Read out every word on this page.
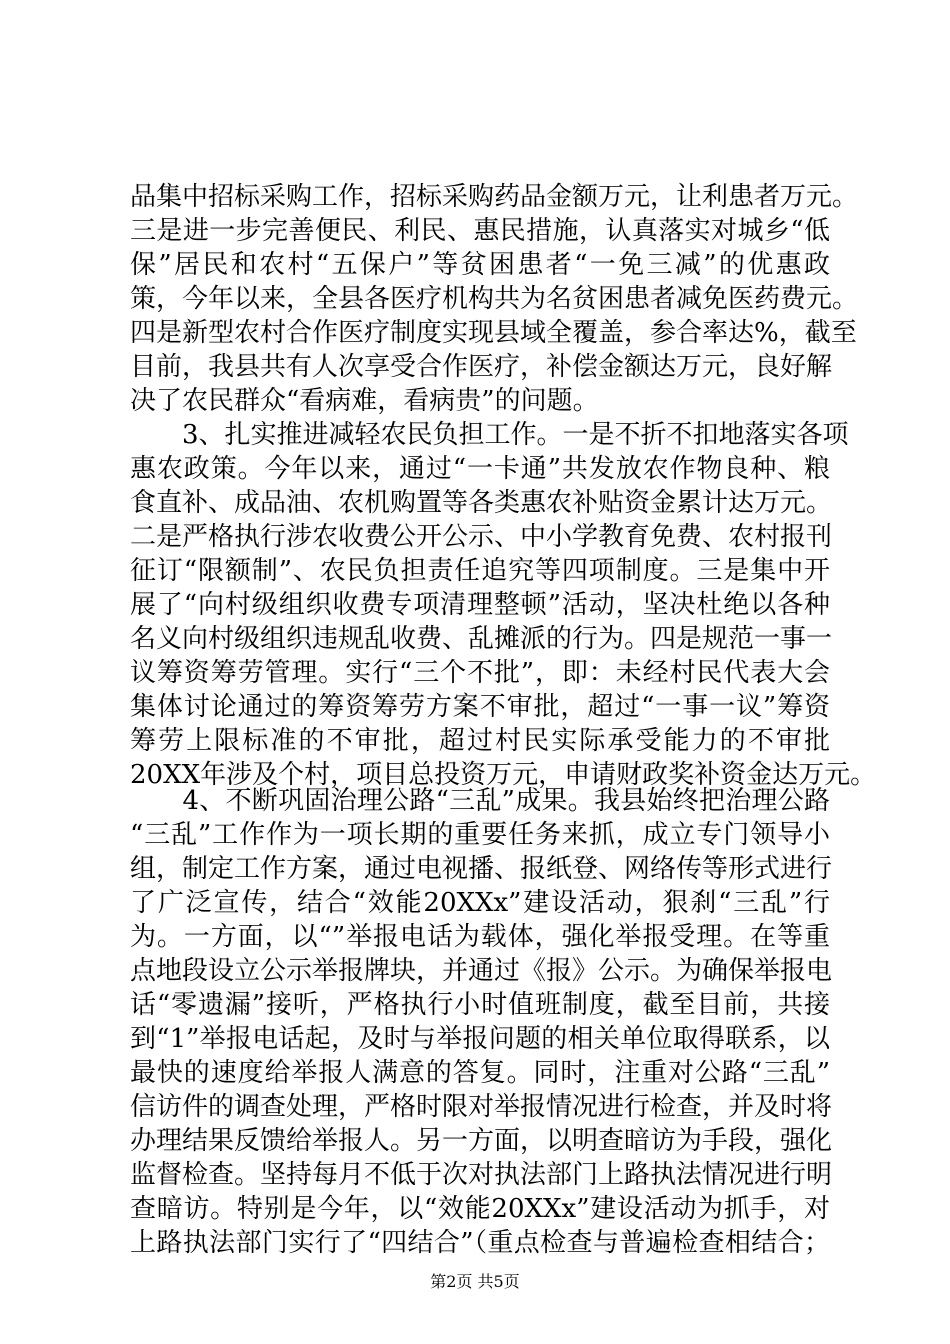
品集中招标采购工作，招标采购药品金额万元，让利患者万元。
三是进一步完善便民、利民、惠民措施，认真落实对城乡“低
保”居民和农村“五保户”等贫困患者“一免三减”的优惠政
策，今年以来，全县各医疗机构共为名贫困患者减免医药费元。
四是新型农村合作医疗制度实现县域全覆盖，参合率达%，截至
目前，我县共有人次享受合作医疗，补偿金额达万元，良好解
决了农民群众“看病难，看病贵”的问题。
　　3、扎实推进减轻农民负担工作。一是不折不扣地落实各项
惠农政策。今年以来，通过“一卡通”共发放农作物良种、粮
食直补、成品油、农机购置等各类惠农补贴资金累计达万元。
二是严格执行涉农收费公开公示、中小学教育免费、农村报刊
征订“限额制”、农民负担责任追究等四项制度。三是集中开
展了“向村级组织收费专项清理整顿”活动，坚决杜绝以各种
名义向村级组织违规乱收费、乱摊派的行为。四是规范一事一
议筹资筹劳管理。实行“三个不批”，即：未经村民代表大会
集体讨论通过的筹资筹劳方案不审批，超过“一事一议”筹资
筹劳上限标准的不审批，超过村民实际承受能力的不审批
20XX年涉及个村，项目总投资万元，申请财政奖补资金达万元。
　　4、不断巩固治理公路“三乱”成果。我县始终把治理公路
“三乱”工作作为一项长期的重要任务来抓，成立专门领导小
组，制定工作方案，通过电视播、报纸登、网络传等形式进行
了广泛宣传，结合“效能20XXx”建设活动，狠刹“三乱”行
为。一方面，以“”举报电话为载体，强化举报受理。在等重
点地段设立公示举报牌块，并通过《报》公示。为确保举报电
话“零遗漏”接听，严格执行小时值班制度，截至目前，共接
到“1”举报电话起，及时与举报问题的相关单位取得联系，以
最快的速度给举报人满意的答复。同时，注重对公路“三乱”
信访件的调查处理，严格时限对举报情况进行检查，并及时将
办理结果反馈给举报人。另一方面，以明查暗访为手段，强化
监督检查。坚持每月不低于次对执法部门上路执法情况进行明
查暗访。特别是今年，以“效能20XXx”建设活动为抓手，对
上路执法部门实行了“四结合”（重点检查与普遍检查相结合；
第2页 共5页
